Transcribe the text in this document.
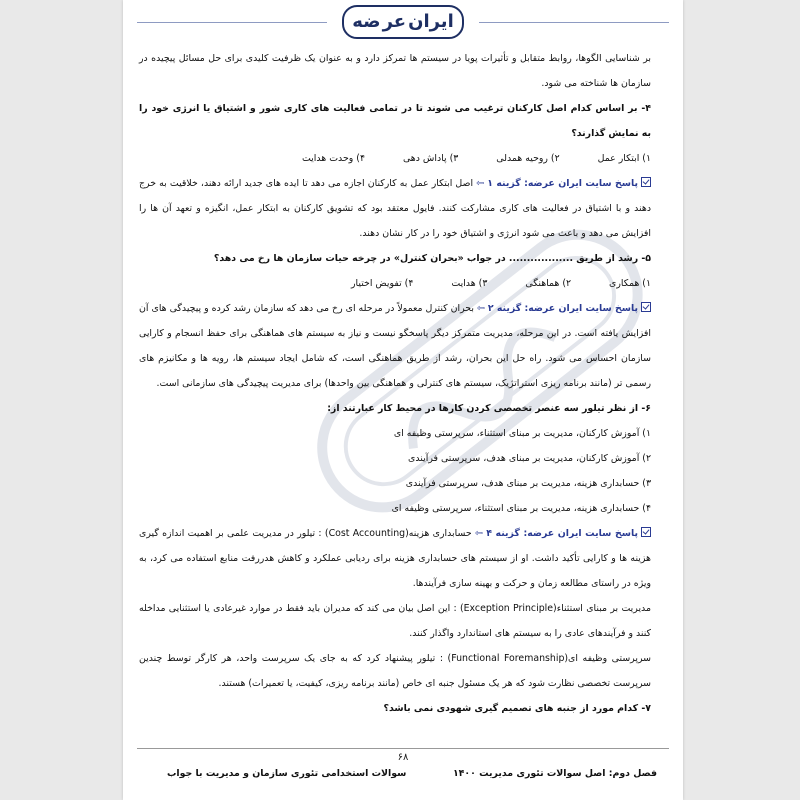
ایران
عر
ضه

بر شناسایی الگوها، روابط متقابل و تأثیرات پویا در سیستم ها تمرکز دارد و به عنوان یک ظرفیت کلیدی برای حل مسائل پیچیده در سازمان ها شناخته می شود.

۴- بر اساس کدام اصل کارکنان ترغیب می شوند تا در تمامی فعالیت های کاری شور و اشتیاق یا انرژی خود را به نمایش گذارند؟

۱) ابتکار عمل
۲) روحیه همدلی
۳) پاداش دهی
۴) وحدت هدایت

پاسخ سایت ایران عرضه: گزینه ۱ ⇦ اصل ابتکار عمل به کارکنان اجازه می دهد تا ایده های جدید ارائه دهند، خلاقیت به خرج دهند و با اشتیاق در فعالیت های کاری مشارکت کنند. فایول معتقد بود که تشویق کارکنان به ابتکار عمل، انگیزه و تعهد آن ها را افزایش می دهد و باعث می شود انرژی و اشتیاق خود را در کار نشان دهند.

۵- رشد از طریق .................. در جواب «بحران کنترل» در چرخه حیات سازمان ها رخ می دهد؟

۱) همکاری
۲) هماهنگی
۳) هدایت
۴) تفویض اختیار

پاسخ سایت ایران عرضه: گزینه ۲ ⇦ بحران کنترل معمولاً در مرحله ای رخ می دهد که سازمان رشد کرده و پیچیدگی های آن افزایش یافته است. در این مرحله، مدیریت متمرکز دیگر پاسخگو نیست و نیاز به سیستم های هماهنگی برای حفظ انسجام و کارایی سازمان احساس می شود. راه حل این بحران، رشد از طریق هماهنگی است، که شامل ایجاد سیستم ها، رویه ها و مکانیزم های رسمی تر (مانند برنامه ریزی استراتژیک، سیستم های کنترلی و هماهنگی بین واحدها) برای مدیریت پیچیدگی های سازمانی است.

۶- از نظر تیلور سه عنصر تخصصی کردن کارها در محیط کار عبارتند از:

۱) آموزش کارکنان، مدیریت بر مبنای استثناء، سرپرستی وظیفه ای

۲) آموزش کارکنان، مدیریت بر مبنای هدف، سرپرستی فرآیندی

۳) حسابداری هزینه، مدیریت بر مبنای هدف، سرپرستی فرآیندی

۴) حسابداری هزینه، مدیریت بر مبنای استثناء، سرپرستی وظیفه ای

پاسخ سایت ایران عرضه: گزینه ۴ ⇦ حسابداری هزینه(Cost Accounting) : تیلور در مدیریت علمی بر اهمیت اندازه گیری هزینه ها و کارایی تأکید داشت. او از سیستم های حسابداری هزینه برای ردیابی عملکرد و کاهش هدررفت منابع استفاده می کرد، به ویژه در راستای مطالعه زمان و حرکت و بهینه سازی فرآیندها.

مدیریت بر مبنای استثناء(Exception Principle) : این اصل بیان می کند که مدیران باید فقط در موارد غیرعادی یا استثنایی مداخله کنند و فرآیندهای عادی را به سیستم های استاندارد واگذار کنند.

سرپرستی وظیفه ای(Functional Foremanship) : تیلور پیشنهاد کرد که به جای یک سرپرست واحد، هر کارگر توسط چندین سرپرست تخصصی نظارت شود که هر یک مسئول جنبه ای خاص (مانند برنامه ریزی، کیفیت، یا تعمیرات) هستند.

۷- کدام مورد از جنبه های تصمیم گیری شهودی نمی باشد؟

۶۸
فصل دوم: اصل سوالات تئوری مدیریت ۱۴۰۰
سوالات استخدامی تئوری سازمان و مدیریت با جواب
